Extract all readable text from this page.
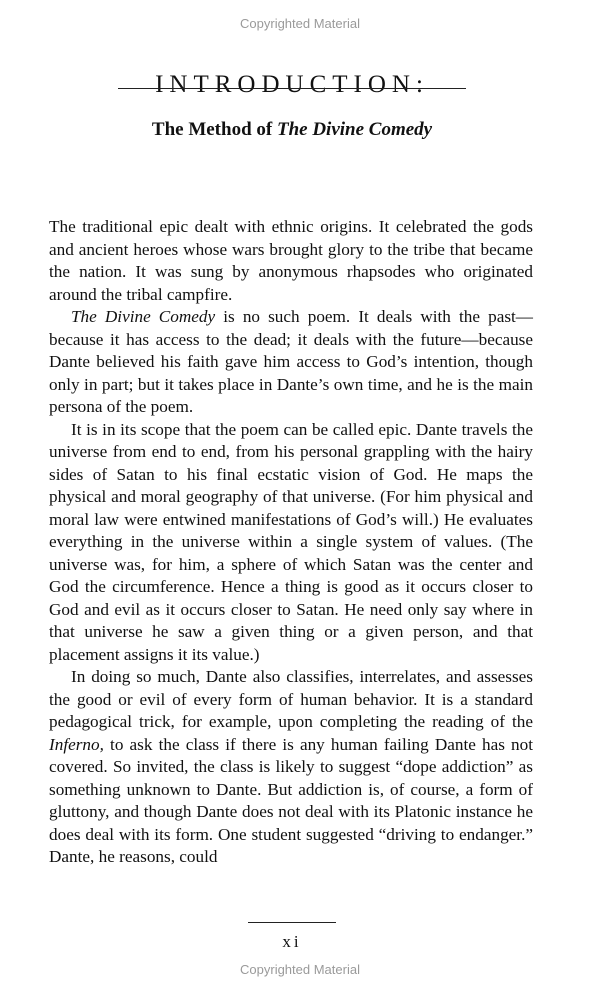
Copyrighted Material
INTRODUCTION:
The Method of The Divine Comedy

The traditional epic dealt with ethnic origins. It celebrated the gods and ancient heroes whose wars brought glory to the tribe that became the nation. It was sung by anonymous rhapsodes who originated around the tribal campfire.

The Divine Comedy is no such poem. It deals with the past—because it has access to the dead; it deals with the future—because Dante believed his faith gave him access to God’s intention, though only in part; but it takes place in Dante’s own time, and he is the main persona of the poem.

It is in its scope that the poem can be called epic. Dante travels the universe from end to end, from his personal grappling with the hairy sides of Satan to his final ecstatic vision of God. He maps the physical and moral geography of that universe. (For him physical and moral law were entwined manifestations of God’s will.) He evaluates everything in the universe within a single system of values. (The universe was, for him, a sphere of which Satan was the center and God the circumference. Hence a thing is good as it occurs closer to God and evil as it occurs closer to Satan. He need only say where in that universe he saw a given thing or a given person, and that placement assigns it its value.)

In doing so much, Dante also classifies, interrelates, and assesses the good or evil of every form of human behavior. It is a standard pedagogical trick, for example, upon completing the reading of the Inferno, to ask the class if there is any human failing Dante has not covered. So invited, the class is likely to suggest “dope addiction” as something unknown to Dante. But addiction is, of course, a form of gluttony, and though Dante does not deal with its Platonic instance he does deal with its form. One student suggested “driving to endanger.” Dante, he reasons, could

xi
Copyrighted Material
